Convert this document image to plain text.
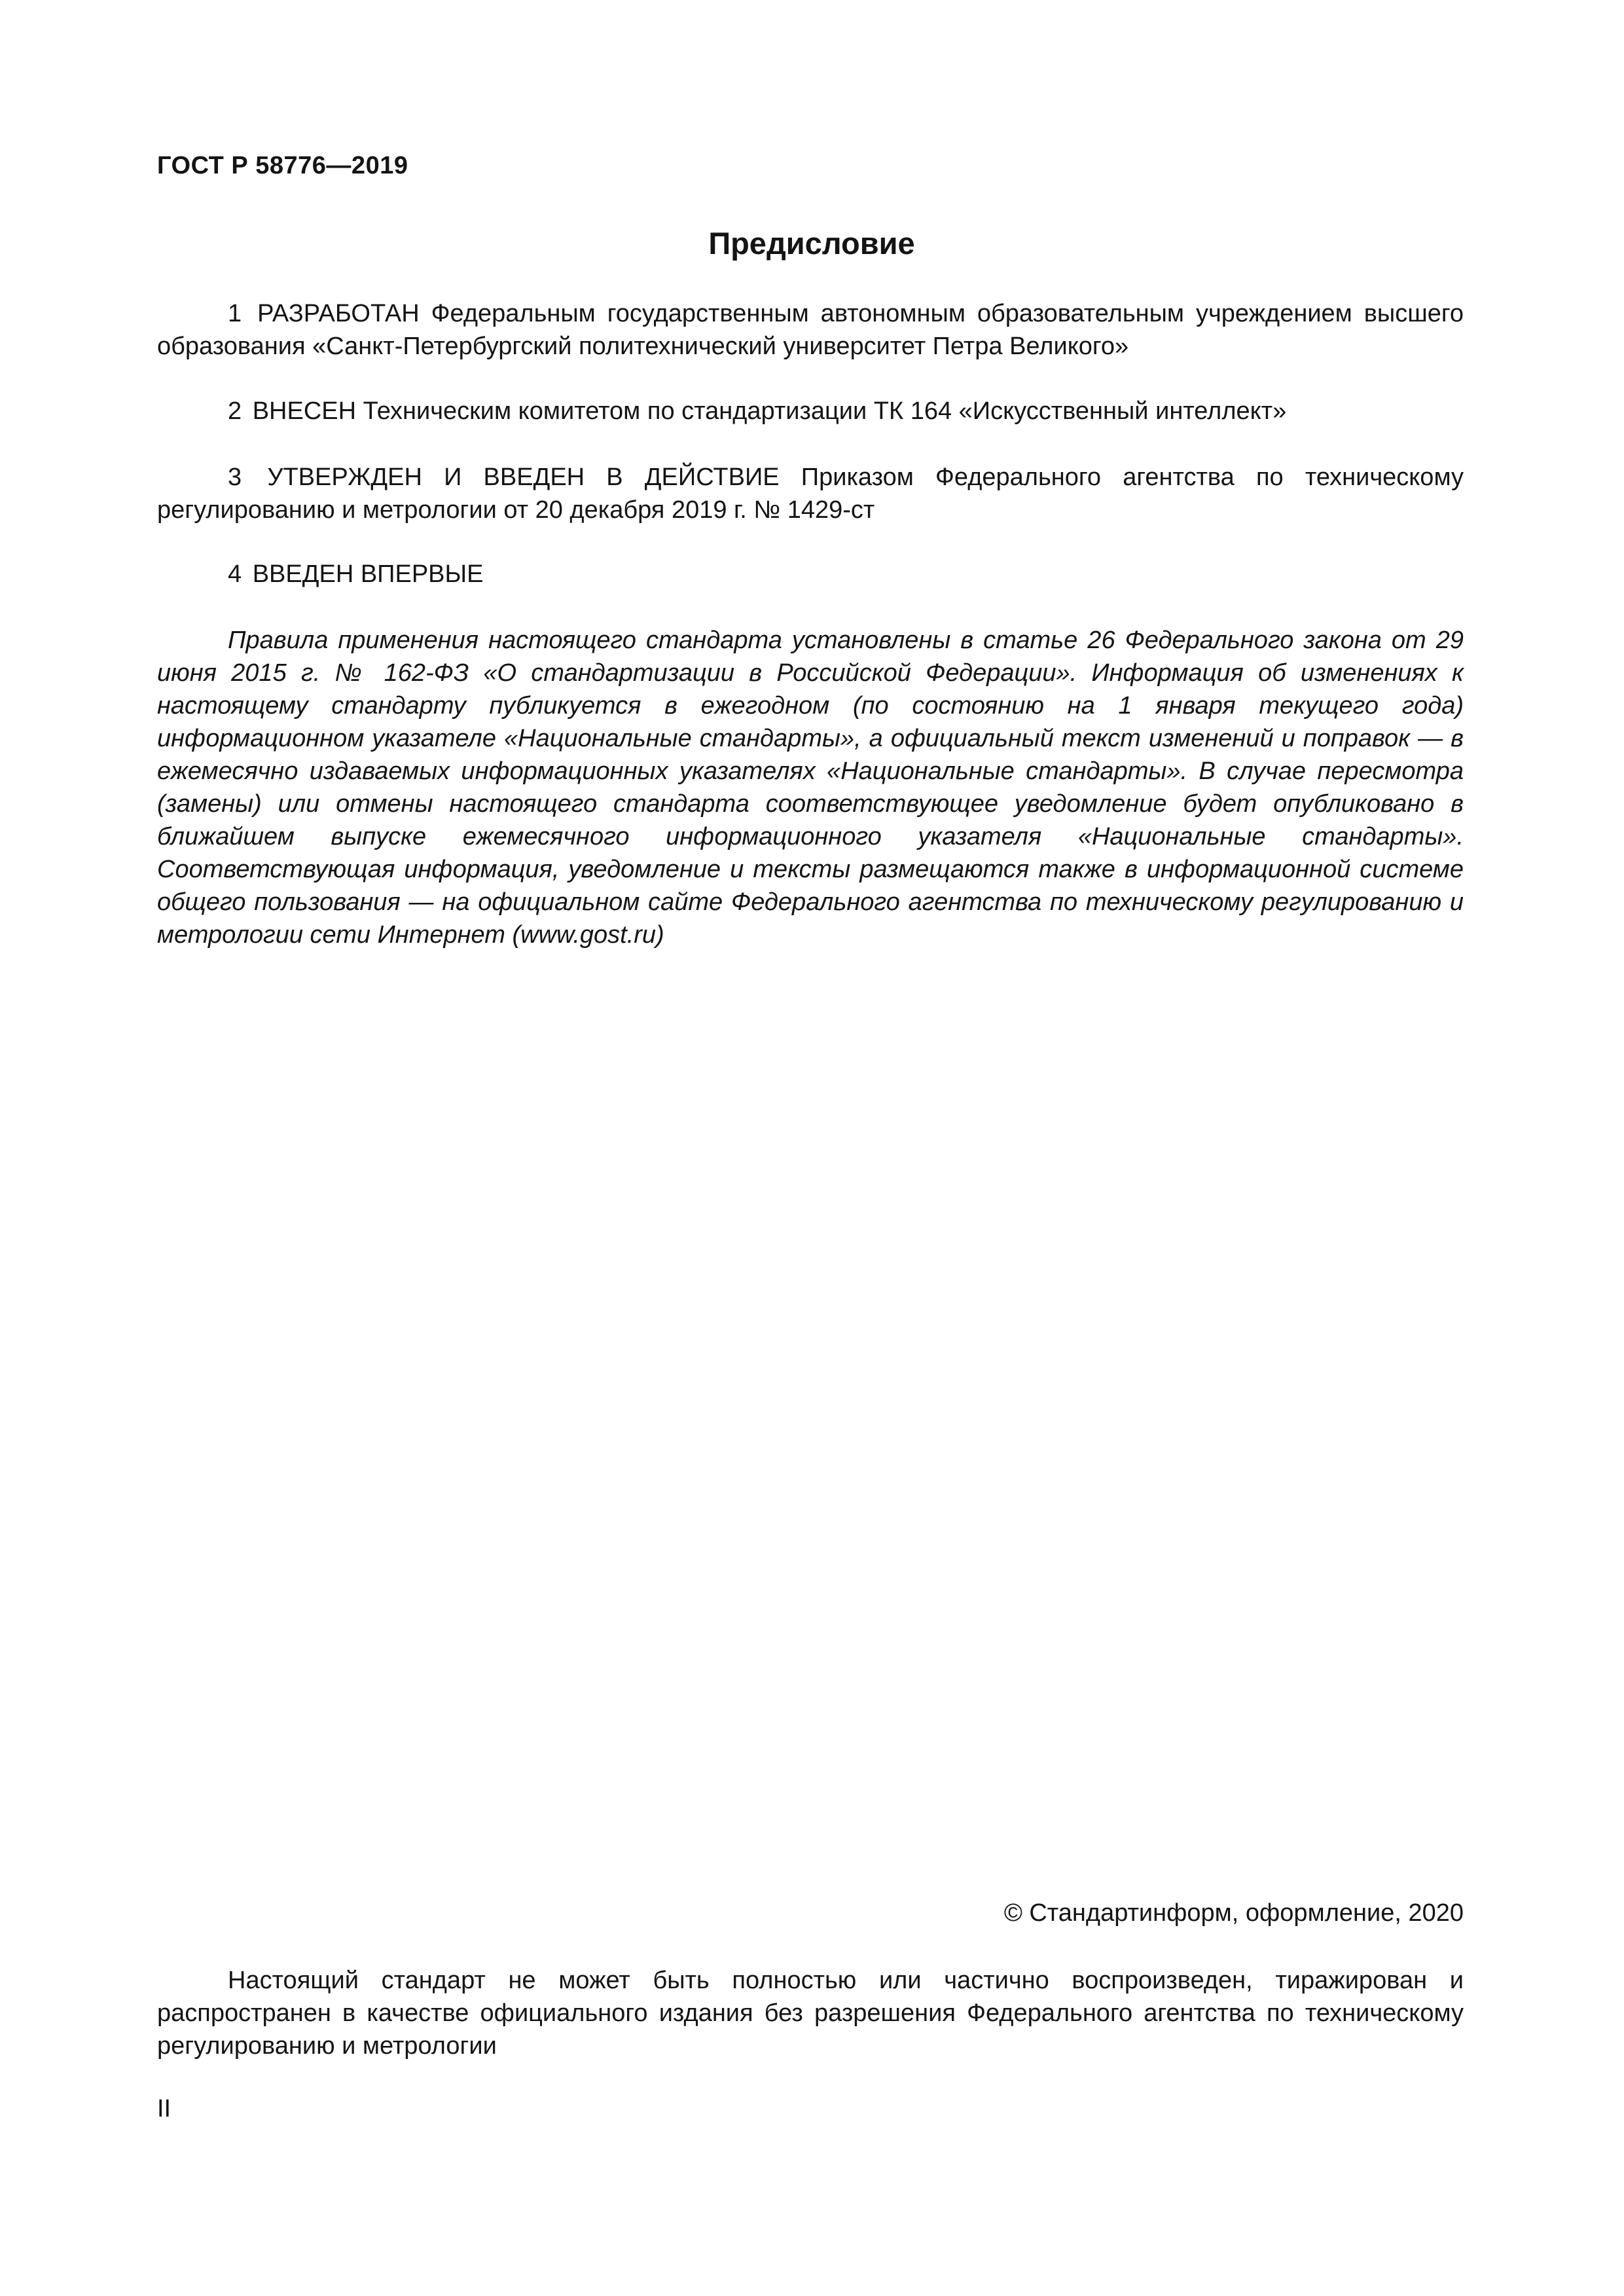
ГОСТ Р 58776—2019
Предисловие

1 РАЗРАБОТАН Федеральным государственным автономным образовательным учреждением высшего образования «Санкт-Петербургский политехнический университет Петра Великого»

2 ВНЕСЕН Техническим комитетом по стандартизации ТК 164 «Искусственный интеллект»

3 УТВЕРЖДЕН И ВВЕДЕН В ДЕЙСТВИЕ Приказом Федерального агентства по техническому регулированию и метрологии от 20 декабря 2019 г. № 1429-ст

4 ВВЕДЕН ВПЕРВЫЕ

Правила применения настоящего стандарта установлены в статье 26 Федерального закона от 29 июня 2015 г. № 162-ФЗ «О стандартизации в Российской Федерации». Информация об изменениях к настоящему стандарту публикуется в ежегодном (по состоянию на 1 января текущего года) информационном указателе «Национальные стандарты», а официальный текст изменений и поправок — в ежемесячно издаваемых информационных указателях «Национальные стандарты». В случае пересмотра (замены) или отмены настоящего стандарта соответствующее уведомление будет опубликовано в ближайшем выпуске ежемесячного информационного указателя «Национальные стандарты». Соответствующая информация, уведомление и тексты размещаются также в информационной системе общего пользования — на официальном сайте Федерального агентства по техническому регулированию и метрологии сети Интернет (www.gost.ru)

© Стандартинформ, оформление, 2020

Настоящий стандарт не может быть полностью или частично воспроизведен, тиражирован и распространен в качестве официального издания без разрешения Федерального агентства по техническому регулированию и метрологии

II
